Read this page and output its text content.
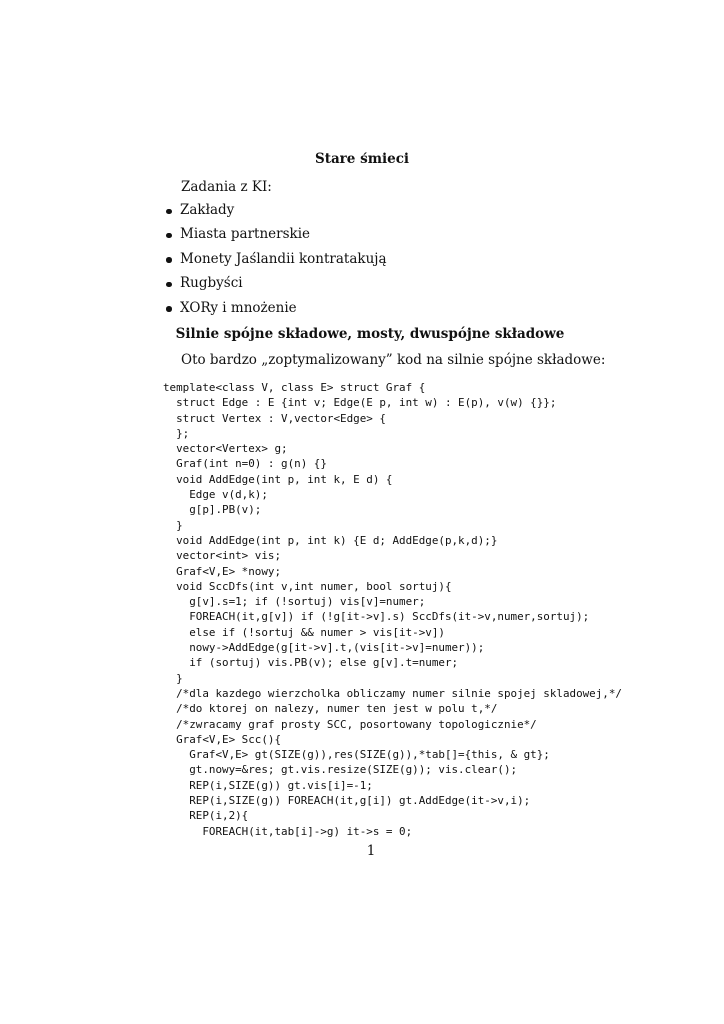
Stare śmieci

Zadania z KI:

Zakłady
Miasta partnerskie
Monety Jaślandii kontratakują
Rugbyści
XORy i mnożenie
Silnie spójne składowe, mosty, dwuspójne składowe

Oto bardzo „zoptymalizowany” kod na silnie spójne składowe:

template<class V, class E> struct Graf {
struct Edge : E {int v; Edge(E p, int w) : E(p), v(w) {}};
struct Vertex : V,vector<Edge> {
};
vector<Vertex> g;
Graf(int n=0) : g(n) {}
void AddEdge(int p, int k, E d) {
Edge v(d,k);
g[p].PB(v);
}
void AddEdge(int p, int k) {E d; AddEdge(p,k,d);}
vector<int> vis;
Graf<V,E> *nowy;
void SccDfs(int v,int numer, bool sortuj){
g[v].s=1; if (!sortuj) vis[v]=numer;
FOREACH(it,g[v]) if (!g[it->v].s) SccDfs(it->v,numer,sortuj);
else if (!sortuj && numer > vis[it->v])
nowy->AddEdge(g[it->v].t,(vis[it->v]=numer));
if (sortuj) vis.PB(v); else g[v].t=numer;
}
/*dla kazdego wierzcholka obliczamy numer silnie spojej skladowej,*/
/*do ktorej on nalezy, numer ten jest w polu t,*/
/*zwracamy graf prosty SCC, posortowany topologicznie*/
Graf<V,E> Scc(){
Graf<V,E> gt(SIZE(g)),res(SIZE(g)),*tab[]={this, & gt};
gt.nowy=&res; gt.vis.resize(SIZE(g)); vis.clear();
REP(i,SIZE(g)) gt.vis[i]=-1;
REP(i,SIZE(g)) FOREACH(it,g[i]) gt.AddEdge(it->v,i);
REP(i,2){
FOREACH(it,tab[i]->g) it->s = 0;

1
